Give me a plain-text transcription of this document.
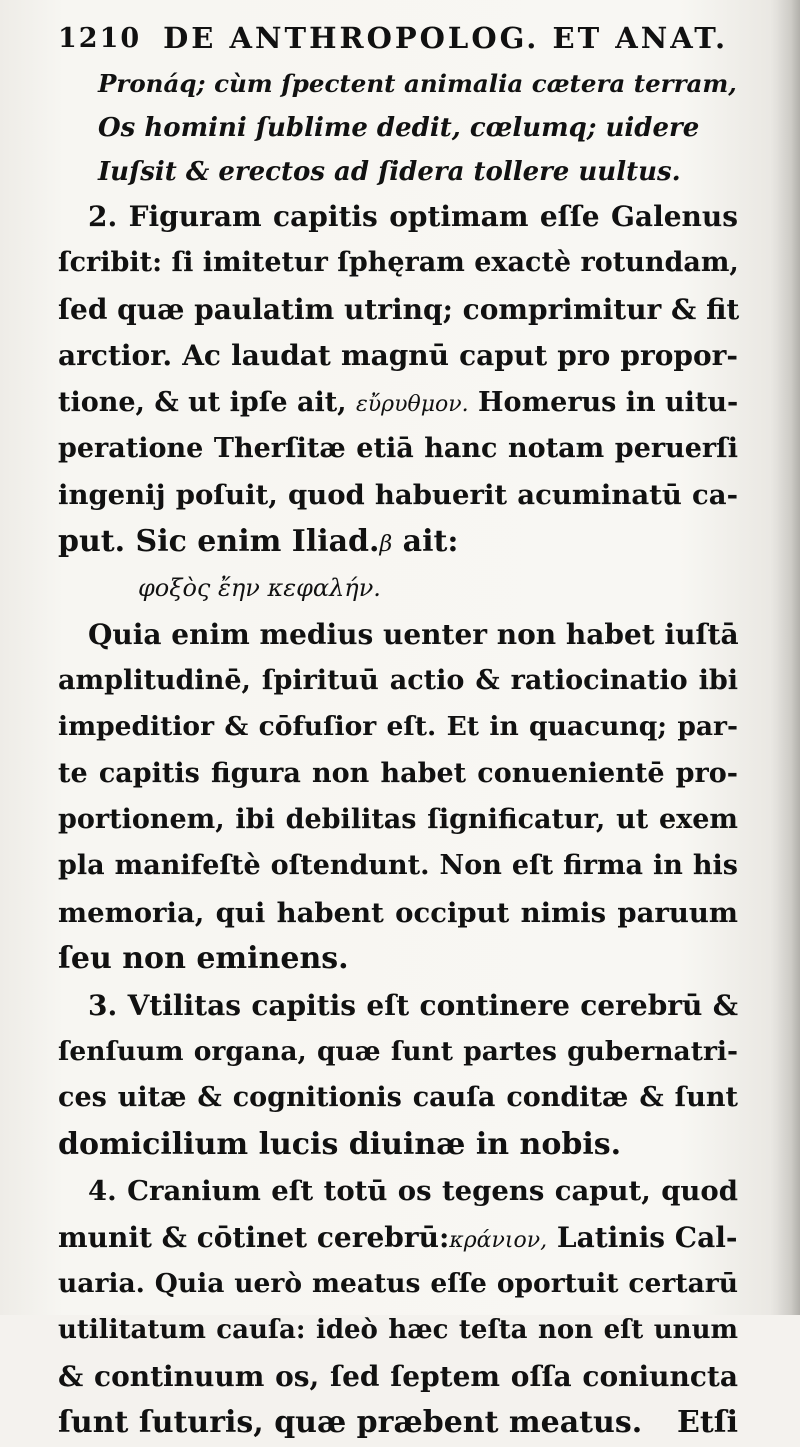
1210 DE ANTHROPOLOG. ET ANAT.
Pronáq; cùm ſpectent animalia cætera terram,
Os homini ſublime dedit, cœlumq; uidere
Iuſsit & erectos ad ſidera tollere uultus.
2. Figuram capitis optimam eſſe Galenus
ſcribit: ſi imitetur ſphęram exactè rotundam,
ſed quæ paulatim utrinq; comprimitur & fit
arctior. Ac laudat magnū caput pro propor-
tione, & ut ipſe ait, εὔρυθμον. Homerus in uitu-
peratione Therſitæ etiā hanc notam peruerſi
ingenij poſuit, quod habuerit acuminatū ca-
put. Sic enim Iliad.β ait:
φοξὸς ἔην κεφαλήν.
Quia enim medius uenter non habet iuſtā
amplitudinē, ſpirituū actio & ratiocinatio ibi
impeditior & cōfuſior eſt. Et in quacunq; par-
te capitis figura non habet conuenientē pro-
portionem, ibi debilitas ſignificatur, ut exem
pla manifeſtè oſtendunt. Non eſt firma in his
memoria, qui habent occiput nimis paruum
ſeu non eminens.
3. Vtilitas capitis eſt continere cerebrū &
ſenſuum organa, quæ ſunt partes gubernatri-
ces uitæ & cognitionis cauſa conditæ & ſunt
domicilium lucis diuinæ in nobis.
4. Cranium eſt totū os tegens caput, quod
munit & cōtinet cerebrū:κράνιον, Latinis Cal-
uaria. Quia uerò meatus eſſe oportuit certarū
utilitatum cauſa: ideò hæc teſta non eſt unum
& continuum os, ſed ſeptem oſſa coniuncta
ſunt ſuturis, quæ præbent meatus. Etſi
